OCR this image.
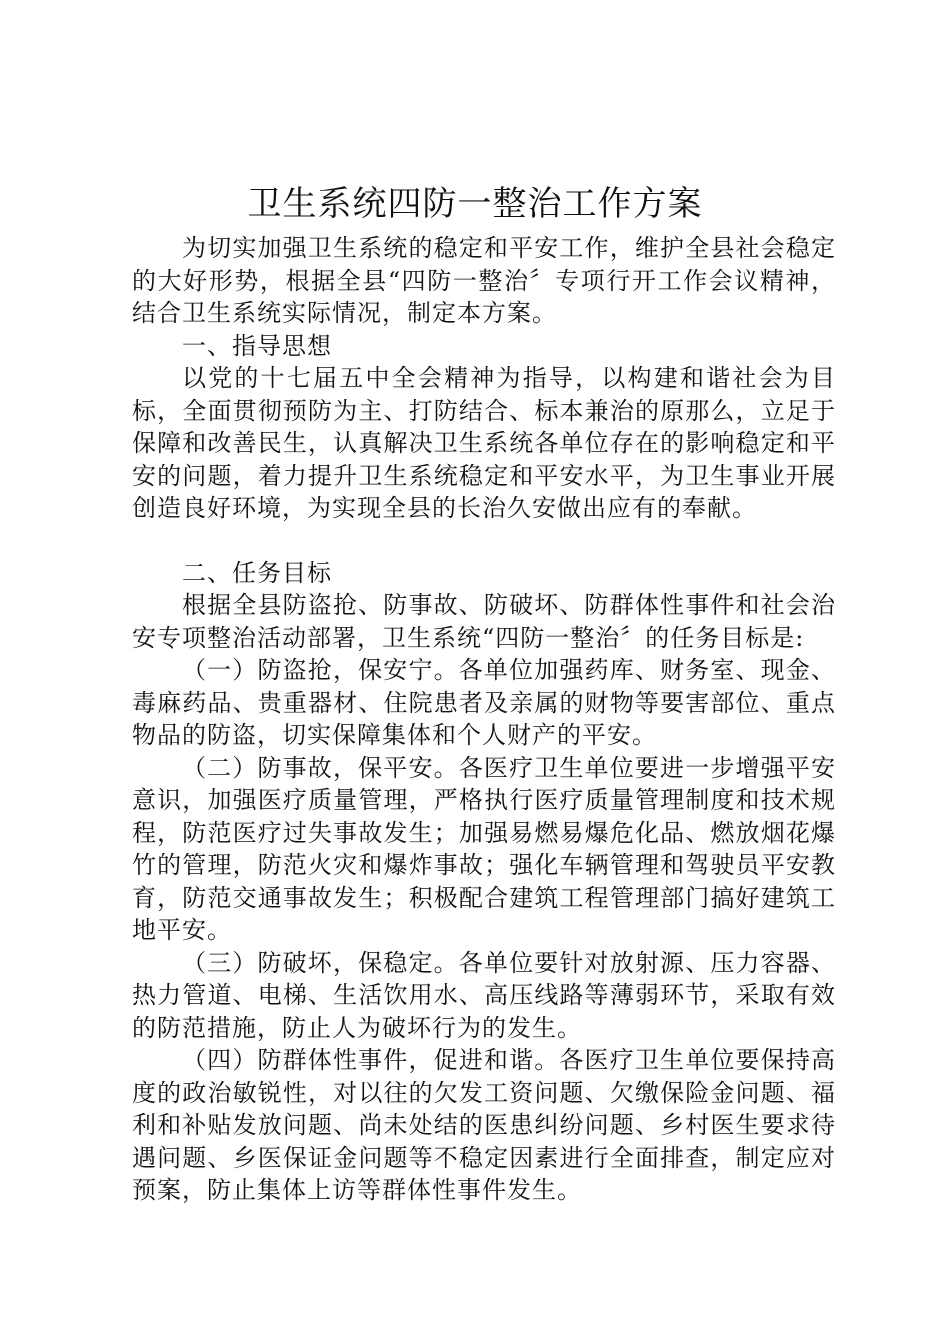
卫生系统四防一整治工作方案

为切实加强卫生系统的稳定和平安工作，维护全县社会稳定的大好形势，根据全县“四防一整治〞专项行开工作会议精神，结合卫生系统实际情况，制定本方案。

一、指导思想

以党的十七届五中全会精神为指导，以构建和谐社会为目标，全面贯彻预防为主、打防结合、标本兼治的原那么，立足于保障和改善民生，认真解决卫生系统各单位存在的影响稳定和平安的问题，着力提升卫生系统稳定和平安水平，为卫生事业开展创造良好环境，为实现全县的长治久安做出应有的奉献。

二、任务目标

根据全县防盗抢、防事故、防破坏、防群体性事件和社会治安专项整治活动部署，卫生系统“四防一整治〞的任务目标是:

（一）防盗抢，保安宁。各单位加强药库、财务室、现金、毒麻药品、贵重器材、住院患者及亲属的财物等要害部位、重点物品的防盗，切实保障集体和个人财产的平安。

（二）防事故，保平安。各医疗卫生单位要进一步增强平安意识，加强医疗质量管理，严格执行医疗质量管理制度和技术规程，防范医疗过失事故发生；加强易燃易爆危化品、燃放烟花爆竹的管理，防范火灾和爆炸事故；强化车辆管理和驾驶员平安教育，防范交通事故发生；积极配合建筑工程管理部门搞好建筑工地平安。

（三）防破坏，保稳定。各单位要针对放射源、压力容器、热力管道、电梯、生活饮用水、高压线路等薄弱环节，采取有效的防范措施，防止人为破坏行为的发生。

（四）防群体性事件，促进和谐。各医疗卫生单位要保持高度的政治敏锐性，对以往的欠发工资问题、欠缴保险金问题、福利和补贴发放问题、尚未处结的医患纠纷问题、乡村医生要求待遇问题、乡医保证金问题等不稳定因素进行全面排查，制定应对预案，防止集体上访等群体性事件发生。
